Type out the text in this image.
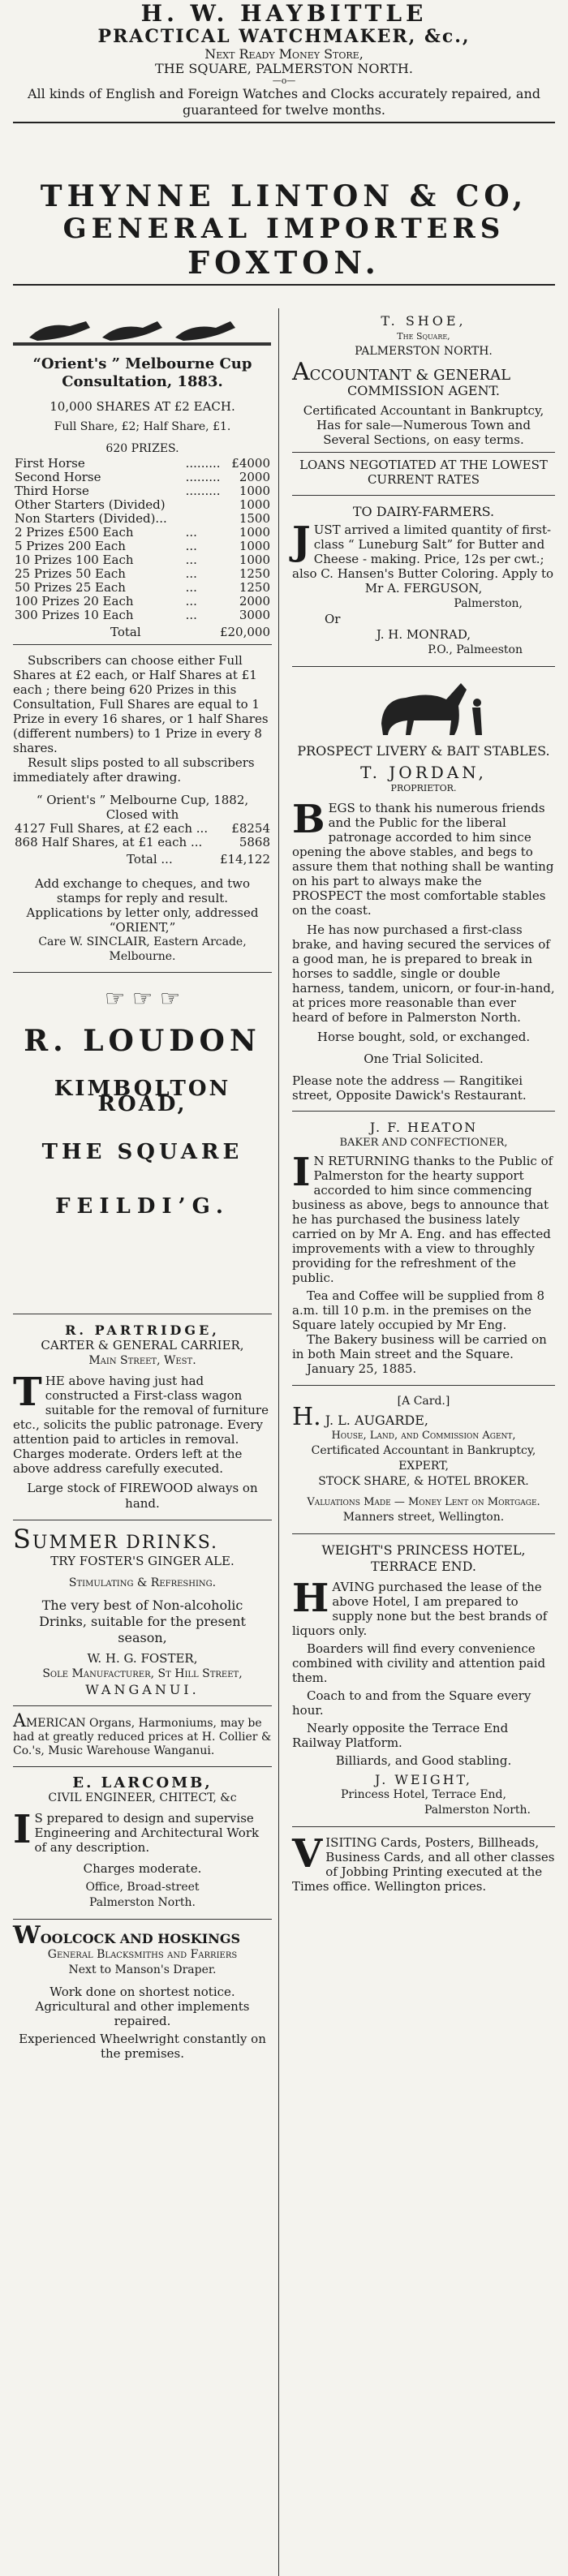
H. W. HAYBITTLE

PRACTICAL WATCHMAKER, &c.,

Next Ready Money Store,

THE SQUARE, PALMERSTON NORTH.

—o—

All kinds of English and Foreign Watches and Clocks accurately repaired, and guaranteed for twelve months.

THYNNE LINTON & CO,

GENERAL IMPORTERS

FOXTON.

“Orient's ” Melbourne Cup Consultation, 1883.

10,000 SHARES AT £2 EACH.

Full Share, £2; Half Share, £1.

620 PRIZES.

First Horse	.........	£4000
Second Horse	.........	2000
Third Horse	.........	1000
Other Starters (Divided)		1000
Non Starters (Divided)...		1500
2 Prizes £500 Each	...	1000
5 Prizes 200 Each	...	1000
10 Prizes 100 Each	...	1000
25 Prizes 50 Each	...	1250
50 Prizes 25 Each	...	1250
100 Prizes 20 Each	...	2000
300 Prizes 10 Each	...	3000
Total	£20,000

Subscribers can choose either Full Shares at £2 each, or Half Shares at £1 each ; there being 620 Prizes in this Consultation, Full Shares are equal to 1 Prize in every 16 shares, or 1 half Shares (different numbers) to 1 Prize in every 8 shares.

Result slips posted to all subscribers immediately after drawing.

“ Orient's ” Melbourne Cup, 1882, Closed with

4127 Full Shares, at £2 each ...		£8254
868 Half Shares, at £1 each ...		5868
Total ...	£14,122

Add exchange to cheques, and two stamps for reply and result.

Applications by letter only, addressed

“ORIENT,”

Care W. SINCLAIR, Eastern Arcade, Melbourne.

☞ ☞ ☞

R. LOUDON

KIMBOLTON ROAD,

THE SQUARE

FEILDI’G.

R. PARTRIDGE,

CARTER & GENERAL CARRIER,

Main Street, West.

THE above having just had constructed a First-class wagon suitable for the removal of furniture etc., solicits the public patronage. Every attention paid to articles in removal. Charges moderate. Orders left at the above address carefully executed.

Large stock of FIREWOOD always on hand.

SUMMER DRINKS.

TRY FOSTER'S GINGER ALE.

Stimulating & Refreshing.

The very best of Non-alcoholic Drinks, suitable for the present season,

W. H. G. FOSTER,

Sole Manufacturer, St Hill Street,

WANGANUI.

AMERICAN Organs, Harmoniums, may be had at greatly reduced prices at H. Collier & Co.'s, Music Warehouse Wanganui.

E. LARCOMB,

CIVIL ENGINEER, CHITECT, &c

I S prepared to design and supervise Engineering and Architectural Work of any description.

Charges moderate.

Office, Broad-street

Palmerston North.

WOOLCOCK AND HOSKINGS

General Blacksmiths and Farriers

Next to Manson's Draper.

Work done on shortest notice. Agricultural and other implements repaired.

Experienced Wheelwright constantly on the premises.

T. SHOE,

The Square,

PALMERSTON NORTH.

ACCOUNTANT & GENERAL

COMMISSION AGENT.

Certificated Accountant in Bankruptcy, Has for sale—Numerous Town and Several Sections, on easy terms.

LOANS NEGOTIATED AT THE LOWEST CURRENT RATES

TO DAIRY-FARMERS.

JUST arrived a limited quantity of first-class “ Luneburg Salt” for Butter and Cheese - making. Price, 12s per cwt.; also C. Hansen's Butter Coloring. Apply to

Mr A. FERGUSON,

Palmerston,

Or

J. H. MONRAD,

P.O., Palmeeston

PROSPECT LIVERY & BAIT STABLES.

T. JORDAN,

PROPRIETOR.

BEGS to thank his numerous friends and the Public for the liberal patronage accorded to him since opening the above stables, and begs to assure them that nothing shall be wanting on his part to always make the PROSPECT the most comfortable stables on the coast.

He has now purchased a first-class brake, and having secured the services of a good man, he is prepared to break in horses to saddle, single or double harness, tandem, unicorn, or four-in-hand, at prices more reasonable than ever heard of before in Palmerston North.

Horse bought, sold, or exchanged.

One Trial Solicited.

Please note the address — Rangitikei street, Opposite Dawick's Restaurant.

J. F. HEATON

BAKER AND CONFECTIONER,

I N RETURNING thanks to the Public of Palmerston for the hearty support accorded to him since commencing business as above, begs to announce that he has purchased the business lately carried on by Mr A. Eng. and has effected improvements with a view to throughly providing for the refreshment of the public.

Tea and Coffee will be supplied from 8 a.m. till 10 p.m. in the premises on the Square lately occupied by Mr Eng.

The Bakery business will be carried on in both Main street and the Square.

January 25, 1885.

[A Card.]

H. J. L. AUGARDE,

House, Land, and Commission Agent,

Certificated Accountant in Bankruptcy,

EXPERT,

STOCK SHARE, & HOTEL BROKER.

Valuations Made — Money Lent on Mortgage.

Manners street, Wellington.

WEIGHT'S PRINCESS HOTEL, TERRACE END.

HAVING purchased the lease of the above Hotel, I am prepared to supply none but the best brands of liquors only.

Boarders will find every convenience combined with civility and attention paid them.

Coach to and from the Square every hour.

Nearly opposite the Terrace End Railway Platform.

Billiards, and Good stabling.

J. WEIGHT,

Princess Hotel, Terrace End,

Palmerston North.

VISITING Cards, Posters, Billheads, Business Cards, and all other classes of Jobbing Printing executed at the Times office. Wellington prices.
